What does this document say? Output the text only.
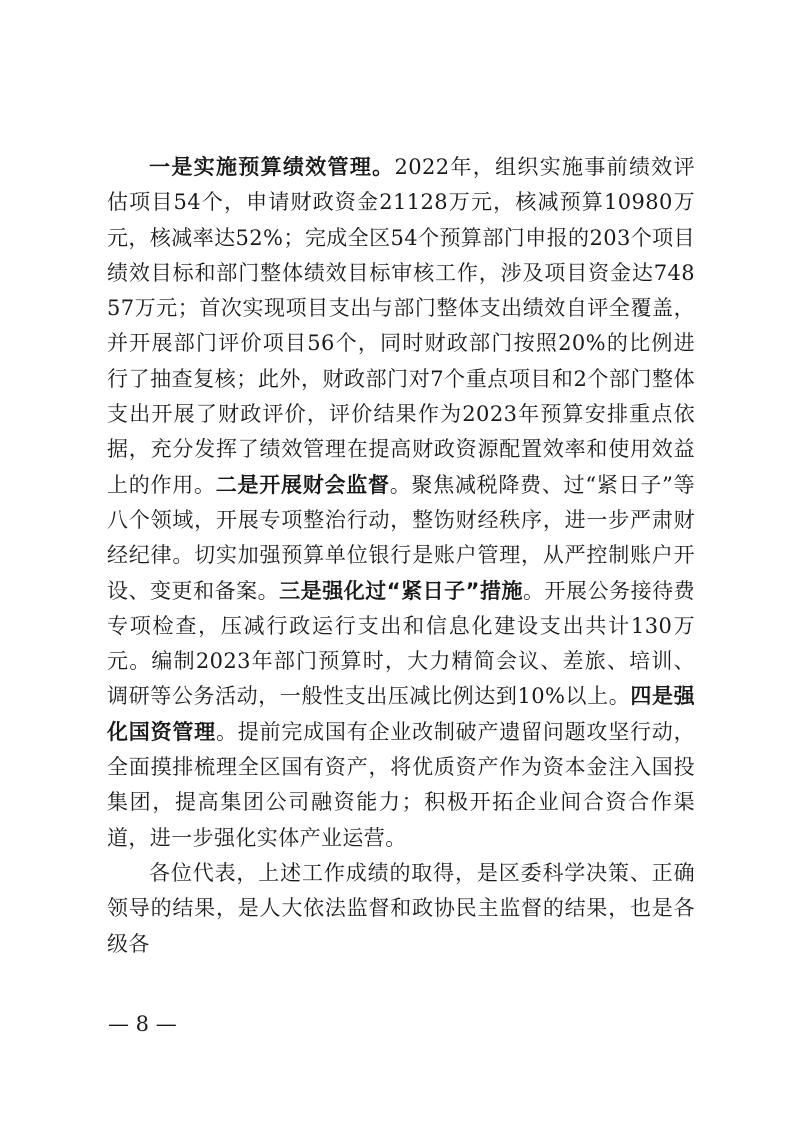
一是实施预算绩效管理。2022年，组织实施事前绩效评估项目54个，申请财政资金21128万元，核减预算10980万元，核减率达52%；完成全区54个预算部门申报的203个项目绩效目标和部门整体绩效目标审核工作，涉及项目资金达74857万元；首次实现项目支出与部门整体支出绩效自评全覆盖，并开展部门评价项目56个，同时财政部门按照20%的比例进行了抽查复核；此外，财政部门对7个重点项目和2个部门整体支出开展了财政评价，评价结果作为2023年预算安排重点依据，充分发挥了绩效管理在提高财政资源配置效率和使用效益上的作用。二是开展财会监督。聚焦减税降费、过“紧日子”等八个领域，开展专项整治行动，整饬财经秩序，进一步严肃财经纪律。切实加强预算单位银行是账户管理，从严控制账户开设、变更和备案。三是强化过“紧日子”措施。开展公务接待费专项检查，压减行政运行支出和信息化建设支出共计130万元。编制2023年部门预算时，大力精简会议、差旅、培训、调研等公务活动，一般性支出压减比例达到10%以上。四是强化国资管理。提前完成国有企业改制破产遗留问题攻坚行动，全面摸排梳理全区国有资产，将优质资产作为资本金注入国投集团，提高集团公司融资能力；积极开拓企业间合资合作渠道，进一步强化实体产业运营。

各位代表，上述工作成绩的取得，是区委科学决策、正确领导的结果，是人大依法监督和政协民主监督的结果，也是各级各

— 8 —
